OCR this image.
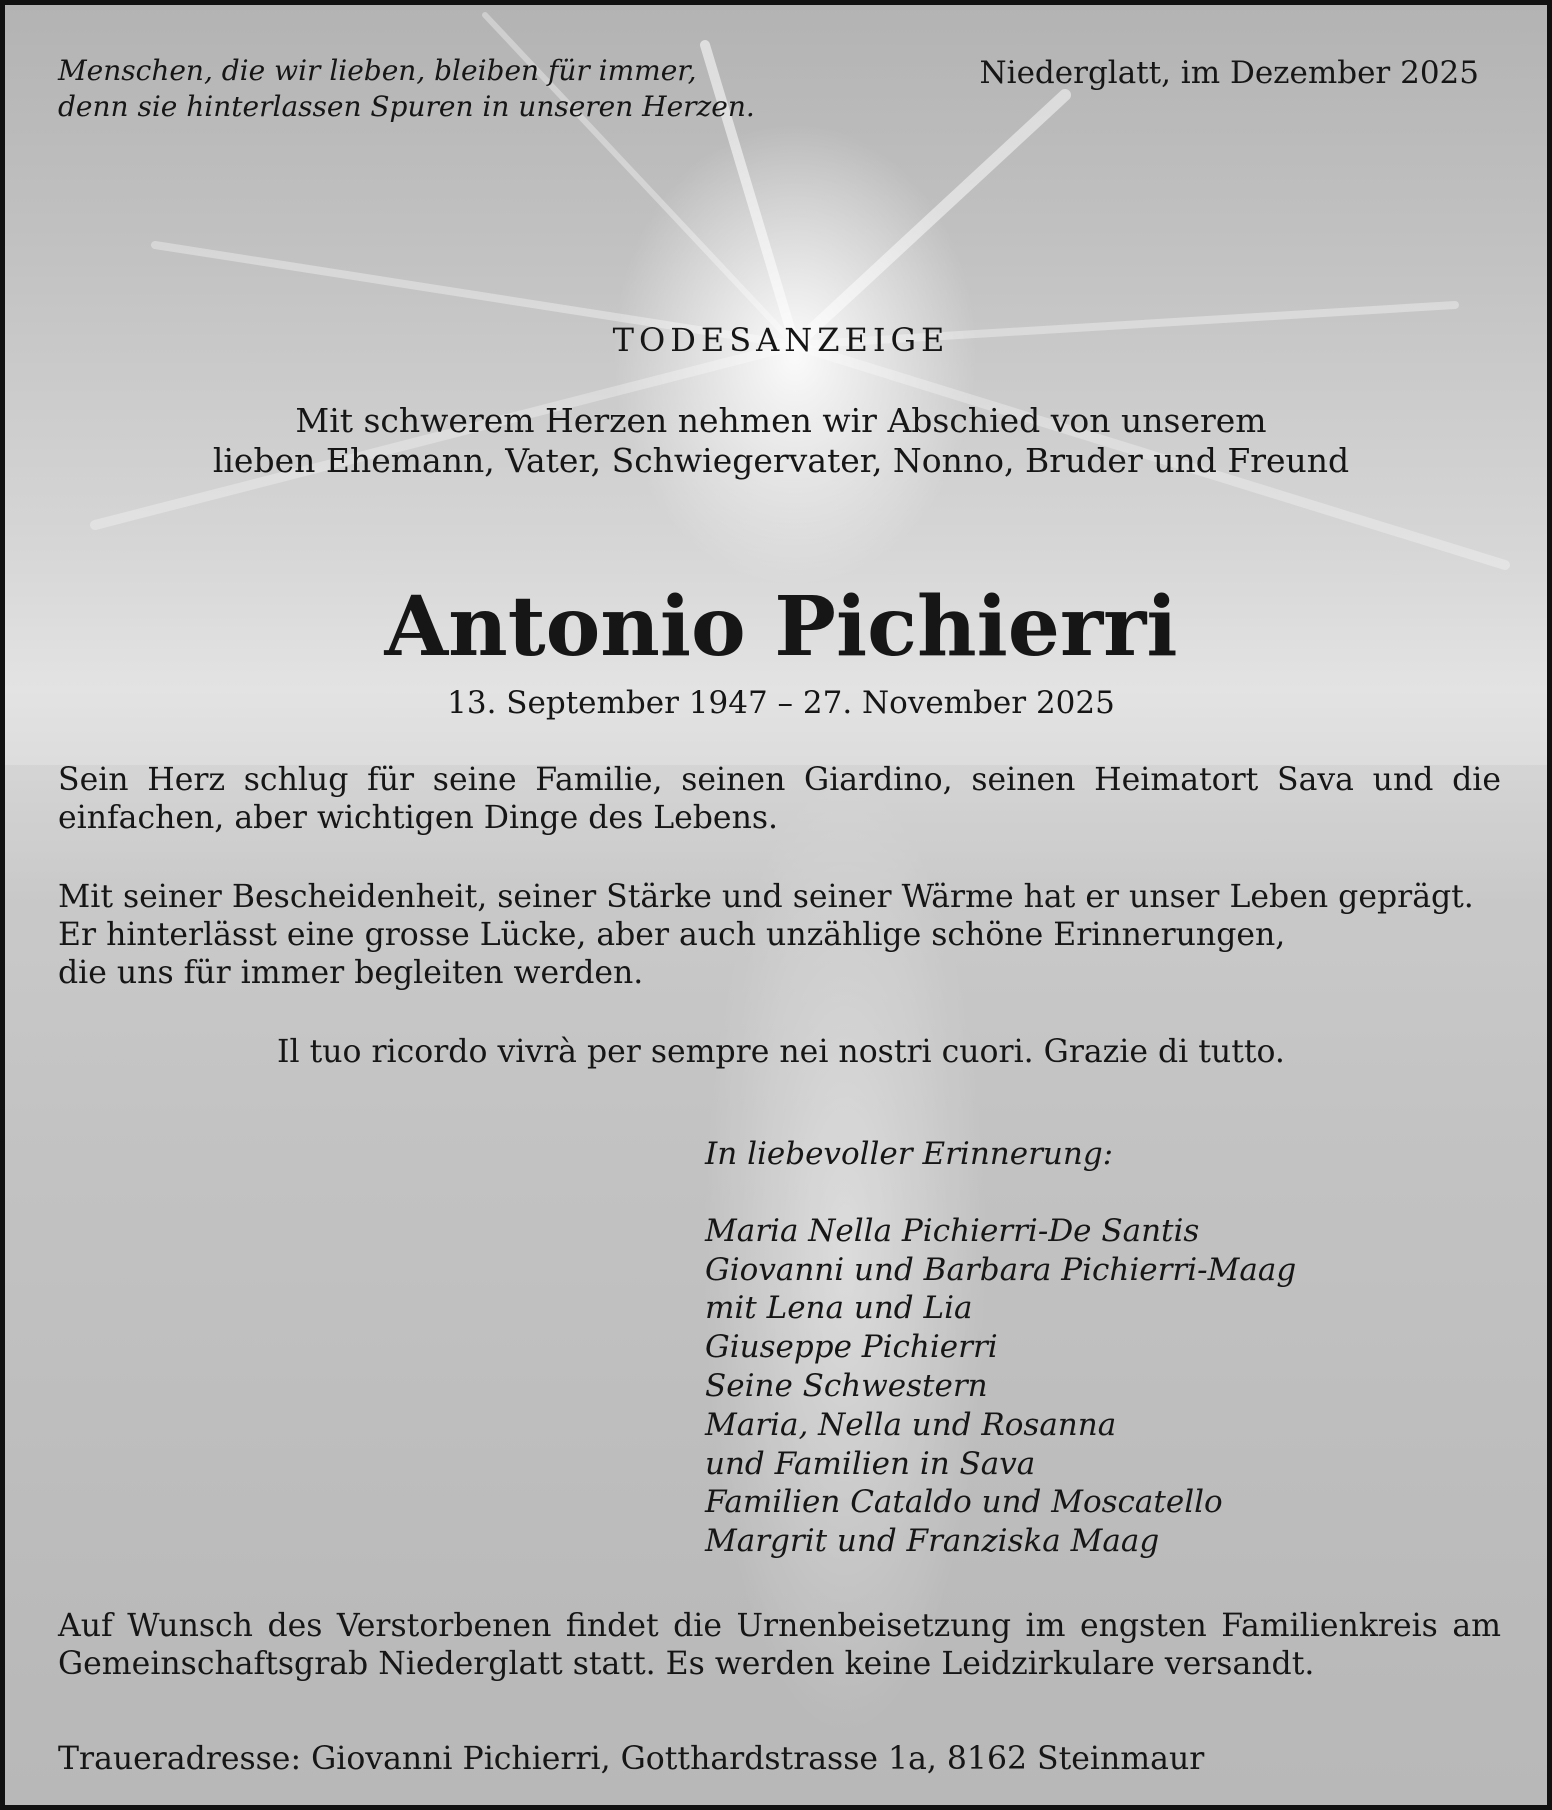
Menschen, die wir lieben, bleiben für immer,
denn sie hinterlassen Spuren in unseren Herzen.

Niederglatt, im Dezember 2025

TODESANZEIGE

Mit schwerem Herzen nehmen wir Abschied von unserem
lieben Ehemann, Vater, Schwiegervater, Nonno, Bruder und Freund

Antonio Pichierri

13. September 1947 – 27. November 2025

Sein Herz schlug für seine Familie, seinen Giardino, seinen Heimatort Sava und die einfachen, aber wichtigen Dinge des Lebens.

Mit seiner Bescheidenheit, seiner Stärke und seiner Wärme hat er unser Leben geprägt.
Er hinterlässt eine grosse Lücke, aber auch unzählige schöne Erinnerungen,
die uns für immer begleiten werden.

Il tuo ricordo vivrà per sempre nei nostri cuori. Grazie di tutto.

In liebevoller Erinnerung:
Maria Nella Pichierri-De Santis
Giovanni und Barbara Pichierri-Maag
mit Lena und Lia
Giuseppe Pichierri
Seine Schwestern
Maria, Nella und Rosanna
und Familien in Sava
Familien Cataldo und Moscatello
Margrit und Franziska Maag

Auf Wunsch des Verstorbenen findet die Urnenbeisetzung im engsten Familienkreis am Gemeinschaftsgrab Niederglatt statt. Es werden keine Leidzirkulare versandt.

Traueradresse: Giovanni Pichierri, Gotthardstrasse 1a, 8162 Steinmaur
